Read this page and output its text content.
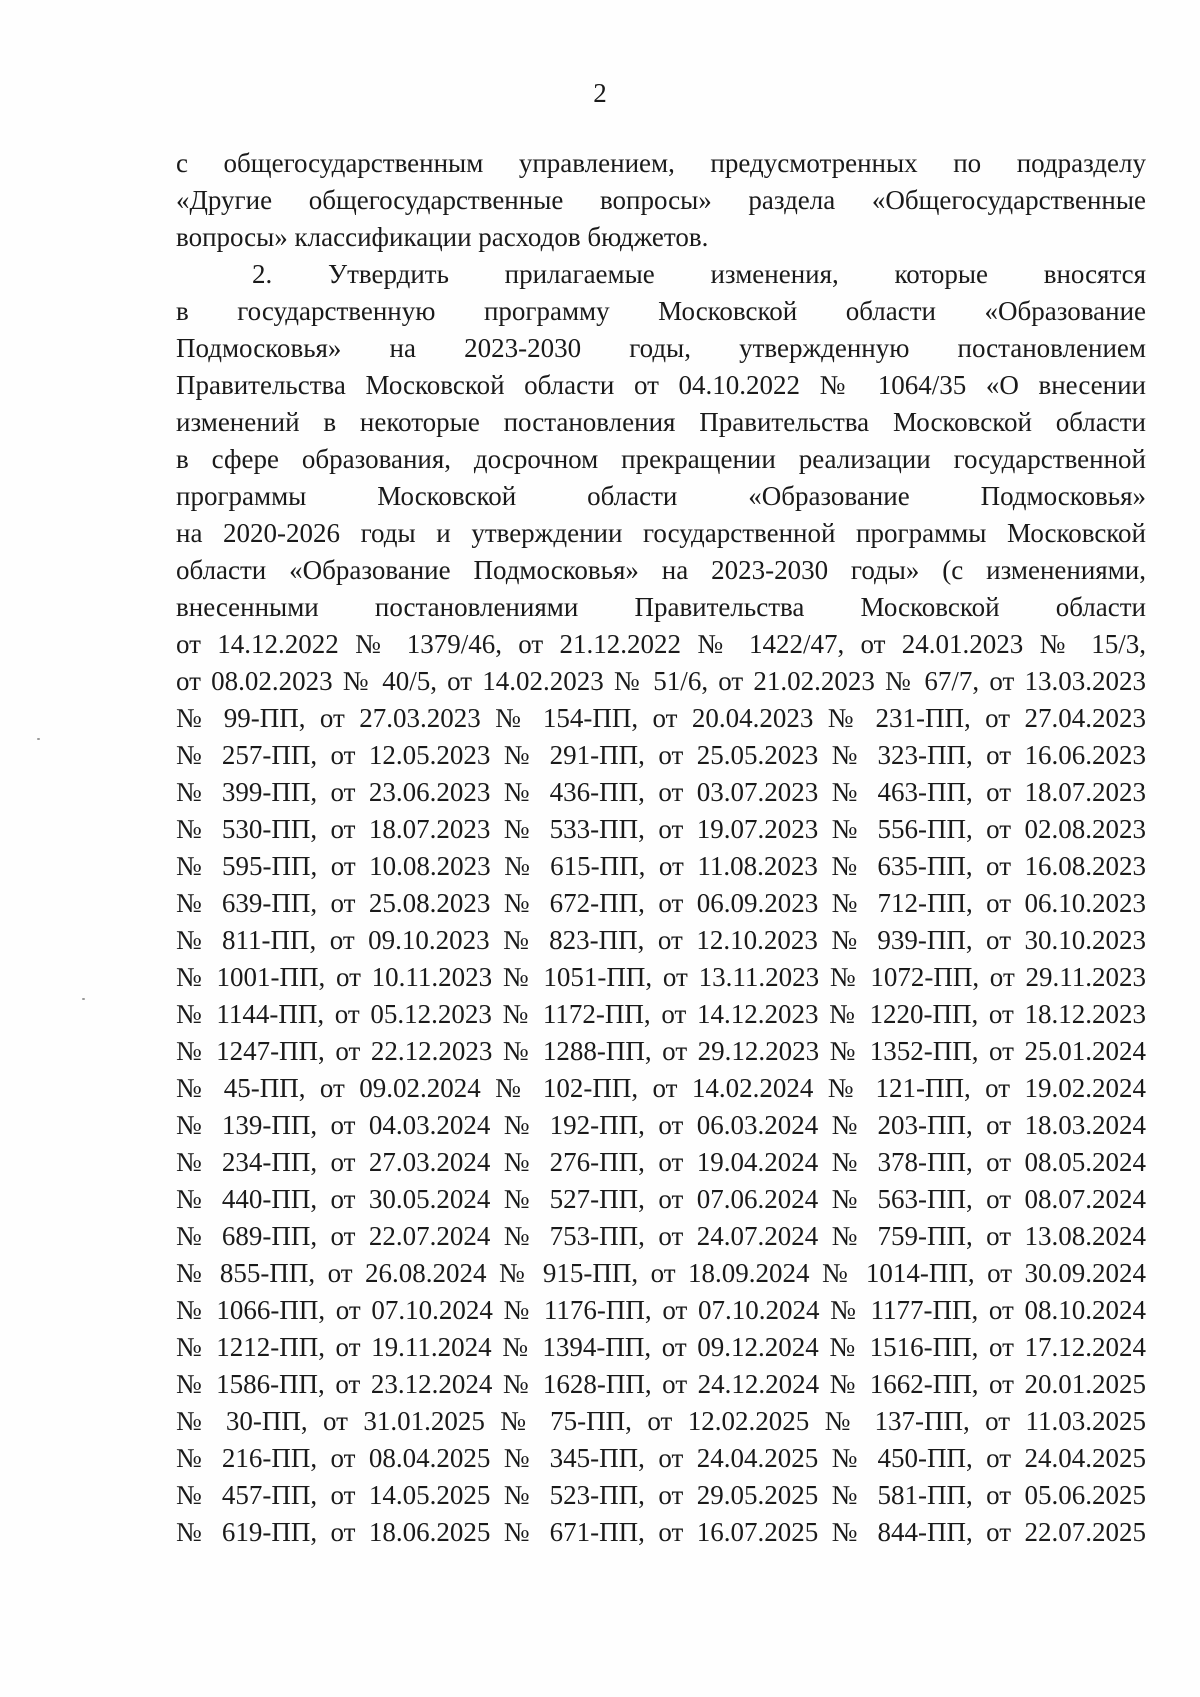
2
с общегосударственным управлением, предусмотренных по подразделу
«Другие общегосударственные вопросы» раздела «Общегосударственные
вопросы» классификации расходов бюджетов.
2. Утвердить прилагаемые изменения, которые вносятся
в государственную программу Московской области «Образование
Подмосковья» на 2023-2030 годы, утвержденную постановлением
Правительства Московской области от 04.10.2022 № 1064/35 «О внесении
изменений в некоторые постановления Правительства Московской области
в сфере образования, досрочном прекращении реализации государственной
программы Московской области «Образование Подмосковья»
на 2020-2026 годы и утверждении государственной программы Московской
области «Образование Подмосковья» на 2023-2030 годы» (с изменениями,
внесенными постановлениями Правительства Московской области
от 14.12.2022 № 1379/46, от 21.12.2022 № 1422/47, от 24.01.2023 № 15/3,
от 08.02.2023 № 40/5, от 14.02.2023 № 51/6, от 21.02.2023 № 67/7, от 13.03.2023
№ 99-ПП, от 27.03.2023 № 154-ПП, от 20.04.2023 № 231-ПП, от 27.04.2023
№ 257-ПП, от 12.05.2023 № 291-ПП, от 25.05.2023 № 323-ПП, от 16.06.2023
№ 399-ПП, от 23.06.2023 № 436-ПП, от 03.07.2023 № 463-ПП, от 18.07.2023
№ 530-ПП, от 18.07.2023 № 533-ПП, от 19.07.2023 № 556-ПП, от 02.08.2023
№ 595-ПП, от 10.08.2023 № 615-ПП, от 11.08.2023 № 635-ПП, от 16.08.2023
№ 639-ПП, от 25.08.2023 № 672-ПП, от 06.09.2023 № 712-ПП, от 06.10.2023
№ 811-ПП, от 09.10.2023 № 823-ПП, от 12.10.2023 № 939-ПП, от 30.10.2023
№ 1001-ПП, от 10.11.2023 № 1051-ПП, от 13.11.2023 № 1072-ПП, от 29.11.2023
№ 1144-ПП, от 05.12.2023 № 1172-ПП, от 14.12.2023 № 1220-ПП, от 18.12.2023
№ 1247-ПП, от 22.12.2023 № 1288-ПП, от 29.12.2023 № 1352-ПП, от 25.01.2024
№ 45-ПП, от 09.02.2024 № 102-ПП, от 14.02.2024 № 121-ПП, от 19.02.2024
№ 139-ПП, от 04.03.2024 № 192-ПП, от 06.03.2024 № 203-ПП, от 18.03.2024
№ 234-ПП, от 27.03.2024 № 276-ПП, от 19.04.2024 № 378-ПП, от 08.05.2024
№ 440-ПП, от 30.05.2024 № 527-ПП, от 07.06.2024 № 563-ПП, от 08.07.2024
№ 689-ПП, от 22.07.2024 № 753-ПП, от 24.07.2024 № 759-ПП, от 13.08.2024
№ 855-ПП, от 26.08.2024 № 915-ПП, от 18.09.2024 № 1014-ПП, от 30.09.2024
№ 1066-ПП, от 07.10.2024 № 1176-ПП, от 07.10.2024 № 1177-ПП, от 08.10.2024
№ 1212-ПП, от 19.11.2024 № 1394-ПП, от 09.12.2024 № 1516-ПП, от 17.12.2024
№ 1586-ПП, от 23.12.2024 № 1628-ПП, от 24.12.2024 № 1662-ПП, от 20.01.2025
№ 30-ПП, от 31.01.2025 № 75-ПП, от 12.02.2025 № 137-ПП, от 11.03.2025
№ 216-ПП, от 08.04.2025 № 345-ПП, от 24.04.2025 № 450-ПП, от 24.04.2025
№ 457-ПП, от 14.05.2025 № 523-ПП, от 29.05.2025 № 581-ПП, от 05.06.2025
№ 619-ПП, от 18.06.2025 № 671-ПП, от 16.07.2025 № 844-ПП, от 22.07.2025
